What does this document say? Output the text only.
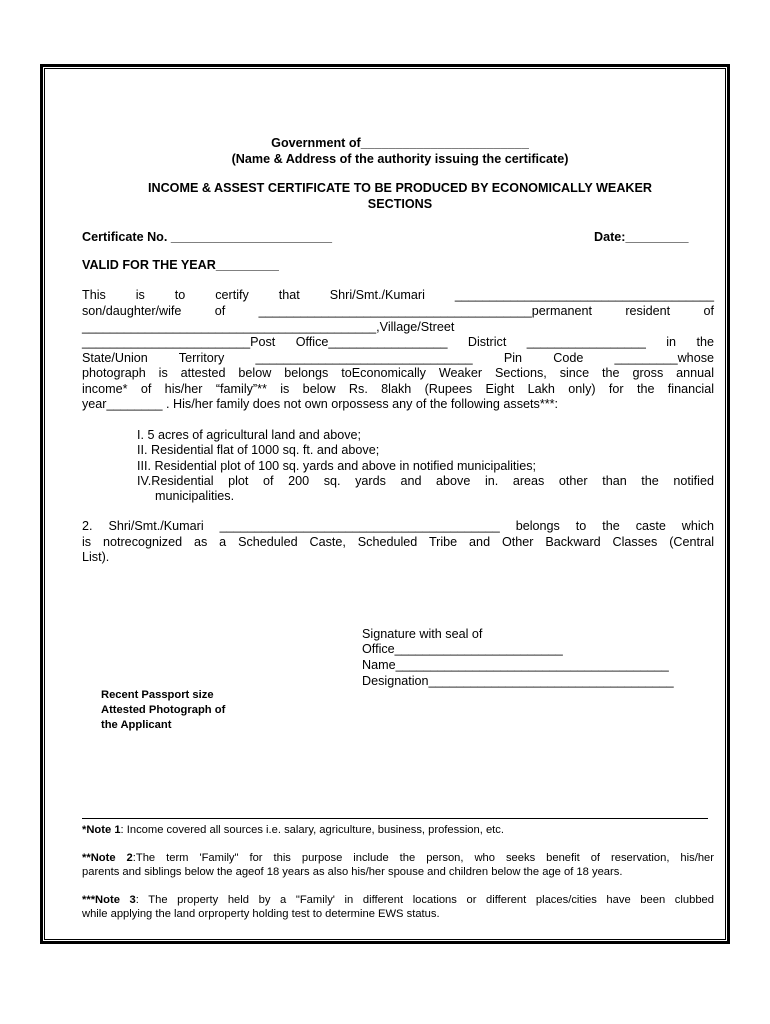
Government of________________________
(Name & Address of the authority issuing the certificate)
INCOME & ASSEST CERTIFICATE TO BE PRODUCED BY ECONOMICALLY WEAKER
SECTIONS
Certificate No. _______________________	Date:_________
VALID FOR THE YEAR_________
This is to certify that Shri/Smt./Kumari _____________________________________
son/daughter/wife of _______________________________________permanent resident of
__________________________________________,Village/Street
________________________Post Office_________________ District _________________ in the
State/Union Territory _______________________________ Pin Code _________whose
photograph is attested below belongs toEconomically Weaker Sections, since the gross annual
income* of his/her “family”** is below Rs. 8lakh (Rupees Eight Lakh only) for the financial
year________ . His/her family does not own orpossess any of the following assets***:
I. 5 acres of agricultural land and above;
II. Residential flat of 1000 sq. ft. and above;
III. Residential plot of 100 sq. yards and above in notified municipalities;
IV.Residential plot of 200 sq. yards and above in. areas other than the notified
municipalities.
2. Shri/Smt./Kumari ________________________________________ belongs to the caste which
is notrecognized as a Scheduled Caste, Scheduled Tribe and Other Backward Classes (Central
List).
Signature with seal of
Office________________________
Name_______________________________________
Designation___________________________________
Recent Passport size
Attested Photograph of
the Applicant
*Note 1: Income covered all sources i.e. salary, agriculture, business, profession, etc.
**Note 2:The term 'Family" for this purpose include the person, who seeks benefit of reservation, his/her
parents and siblings below the ageof 18 years as also his/her spouse and children below the age of 18 years.
***Note 3: The property held by a "Family' in different locations or different places/cities have been clubbed
while applying the land orproperty holding test to determine EWS status.
